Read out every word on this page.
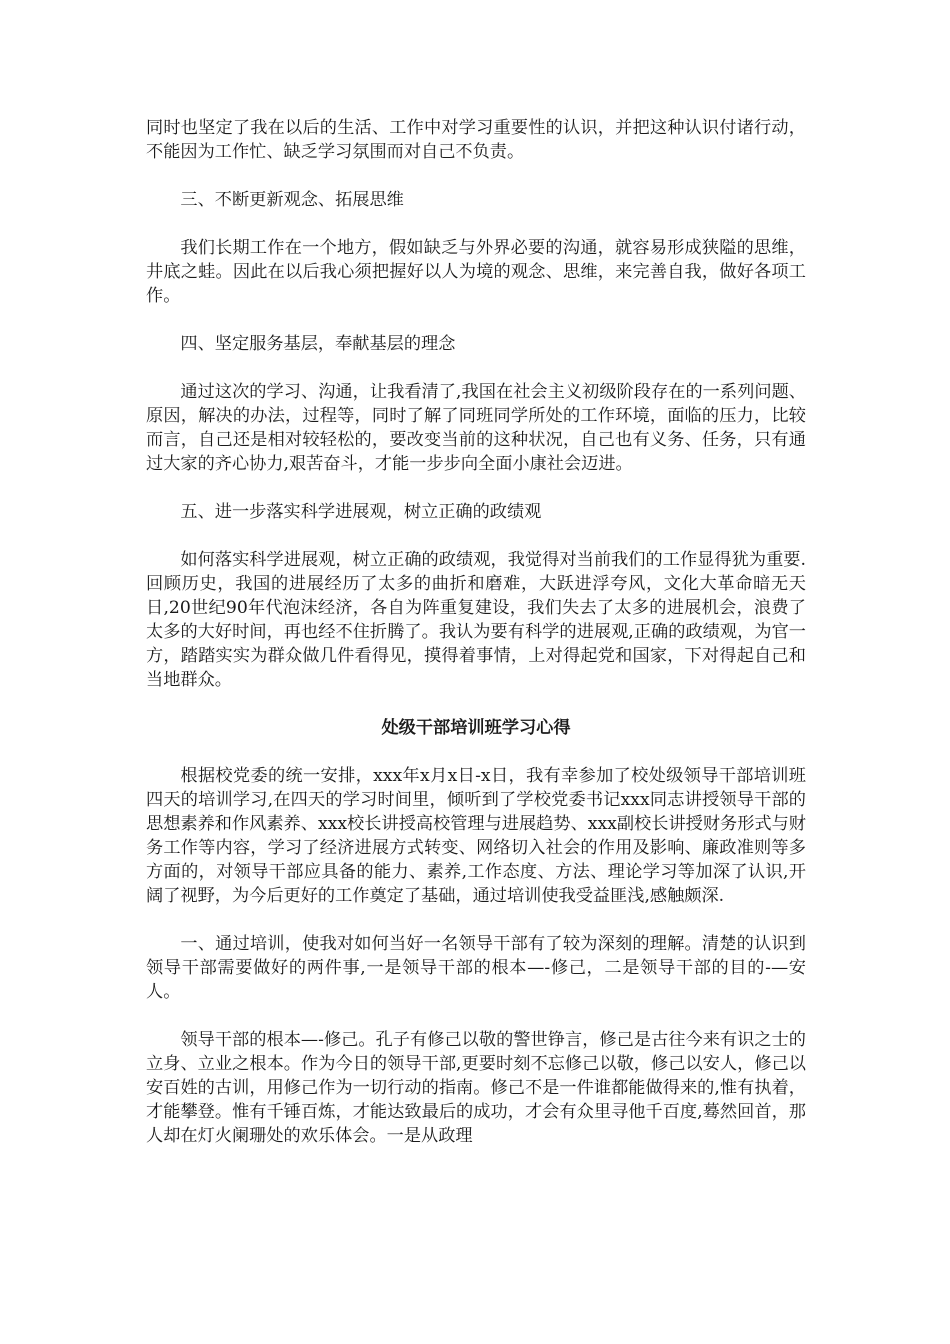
同时也坚定了我在以后的生活、工作中对学习重要性的认识，并把这种认识付诸行动，不能因为工作忙、缺乏学习氛围而对自己不负责。

三、不断更新观念、拓展思维

我们长期工作在一个地方，假如缺乏与外界必要的沟通，就容易形成狭隘的思维，井底之蛙。因此在以后我心须把握好以人为境的观念、思维，来完善自我，做好各项工作。

四、坚定服务基层，奉献基层的理念

通过这次的学习、沟通，让我看清了,我国在社会主义初级阶段存在的一系列问题、原因，解决的办法，过程等，同时了解了同班同学所处的工作环境，面临的压力，比较而言，自己还是相对较轻松的，要改变当前的这种状况，自己也有义务、任务，只有通过大家的齐心协力,艰苦奋斗，才能一步步向全面小康社会迈进。

五、进一步落实科学进展观，树立正确的政绩观

如何落实科学进展观，树立正确的政绩观，我觉得对当前我们的工作显得犹为重要.回顾历史，我国的进展经历了太多的曲折和磨难，大跃进浮夸风，文化大革命暗无天日,20世纪90年代泡沫经济，各自为阵重复建设，我们失去了太多的进展机会，浪费了太多的大好时间，再也经不住折腾了。我认为要有科学的进展观,正确的政绩观，为官一方，踏踏实实为群众做几件看得见，摸得着事情，上对得起党和国家，下对得起自己和当地群众。

处级干部培训班学习心得

根据校党委的统一安排，xxx年x月x日-x日，我有幸参加了校处级领导干部培训班四天的培训学习,在四天的学习时间里，倾听到了学校党委书记xxx同志讲授领导干部的思想素养和作风素养、xxx校长讲授高校管理与进展趋势、xxx副校长讲授财务形式与财务工作等内容，学习了经济进展方式转变、网络切入社会的作用及影响、廉政准则等多方面的，对领导干部应具备的能力、素养,工作态度、方法、理论学习等加深了认识,开阔了视野，为今后更好的工作奠定了基础，通过培训使我受益匪浅,感触颇深.

一、通过培训，使我对如何当好一名领导干部有了较为深刻的理解。清楚的认识到领导干部需要做好的两件事,一是领导干部的根本—-修己，二是领导干部的目的-—安人。

领导干部的根本—-修己。孔子有修己以敬的警世铮言，修己是古往今来有识之士的立身、立业之根本。作为今日的领导干部,更要时刻不忘修己以敬，修己以安人，修己以安百姓的古训，用修己作为一切行动的指南。修己不是一件谁都能做得来的,惟有执着，才能攀登。惟有千锤百炼，才能达致最后的成功，才会有众里寻他千百度,蓦然回首，那人却在灯火阑珊处的欢乐体会。一是从政理
